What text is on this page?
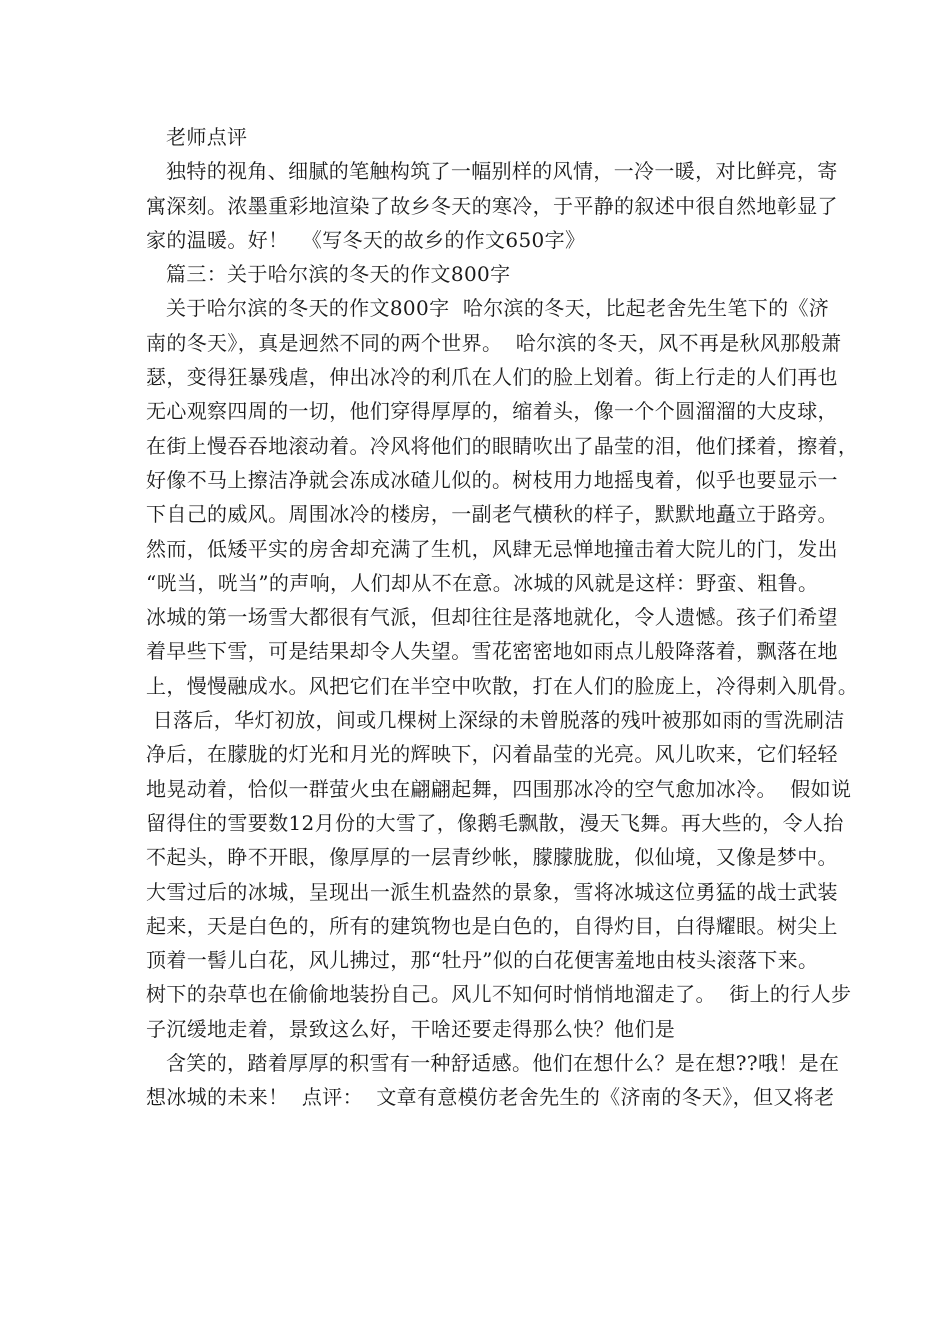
老师点评
独特的视角、细腻的笔触构筑了一幅别样的风情，一冷一暖，对比鲜亮，寄
寓深刻。浓墨重彩地渲染了故乡冬天的寒冷，于平静的叙述中很自然地彰显了
家的温暖。好！  《写冬天的故乡的作文650字》
篇三：关于哈尔滨的冬天的作文800字
关于哈尔滨的冬天的作文800字  哈尔滨的冬天，比起老舍先生笔下的《济
南的冬天》，真是迥然不同的两个世界。  哈尔滨的冬天，风不再是秋风那般萧
瑟，变得狂暴残虐，伸出冰冷的利爪在人们的脸上划着。街上行走的人们再也
无心观察四周的一切，他们穿得厚厚的，缩着头，像一个个圆溜溜的大皮球，
在街上慢吞吞地滚动着。冷风将他们的眼睛吹出了晶莹的泪，他们揉着，擦着，
好像不马上擦洁净就会冻成冰碴儿似的。树枝用力地摇曳着，似乎也要显示一
下自己的威风。周围冰冷的楼房，一副老气横秋的样子，默默地矗立于路旁。
然而，低矮平实的房舍却充满了生机，风肆无忌惮地撞击着大院儿的门，发出
“咣当，咣当”的声响，人们却从不在意。冰城的风就是这样：野蛮、粗鲁。
冰城的第一场雪大都很有气派，但却往往是落地就化，令人遗憾。孩子们希望
着早些下雪，可是结果却令人失望。雪花密密地如雨点儿般降落着，飘落在地
上，慢慢融成水。风把它们在半空中吹散，打在人们的脸庞上，冷得刺入肌骨。
日落后，华灯初放，间或几棵树上深绿的未曾脱落的残叶被那如雨的雪洗刷洁
净后，在朦胧的灯光和月光的辉映下，闪着晶莹的光亮。风儿吹来，它们轻轻
地晃动着，恰似一群萤火虫在翩翩起舞，四围那冰冷的空气愈加冰冷。  假如说
留得住的雪要数12月份的大雪了，像鹅毛飘散，漫天飞舞。再大些的，令人抬
不起头，睁不开眼，像厚厚的一层青纱帐，朦朦胧胧，似仙境，又像是梦中。
大雪过后的冰城，呈现出一派生机盎然的景象，雪将冰城这位勇猛的战士武装
起来，天是白色的，所有的建筑物也是白色的，自得灼目，白得耀眼。树尖上
顶着一髻儿白花，风儿拂过，那“牡丹”似的白花便害羞地由枝头滚落下来。
树下的杂草也在偷偷地装扮自己。风儿不知何时悄悄地溜走了。  街上的行人步
子沉缓地走着，景致这么好，干啥还要走得那么快？他们是
含笑的，踏着厚厚的积雪有一种舒适感。他们在想什么？是在想??哦！是在
想冰城的未来！  点评：  文章有意模仿老舍先生的《济南的冬天》，但又将老
